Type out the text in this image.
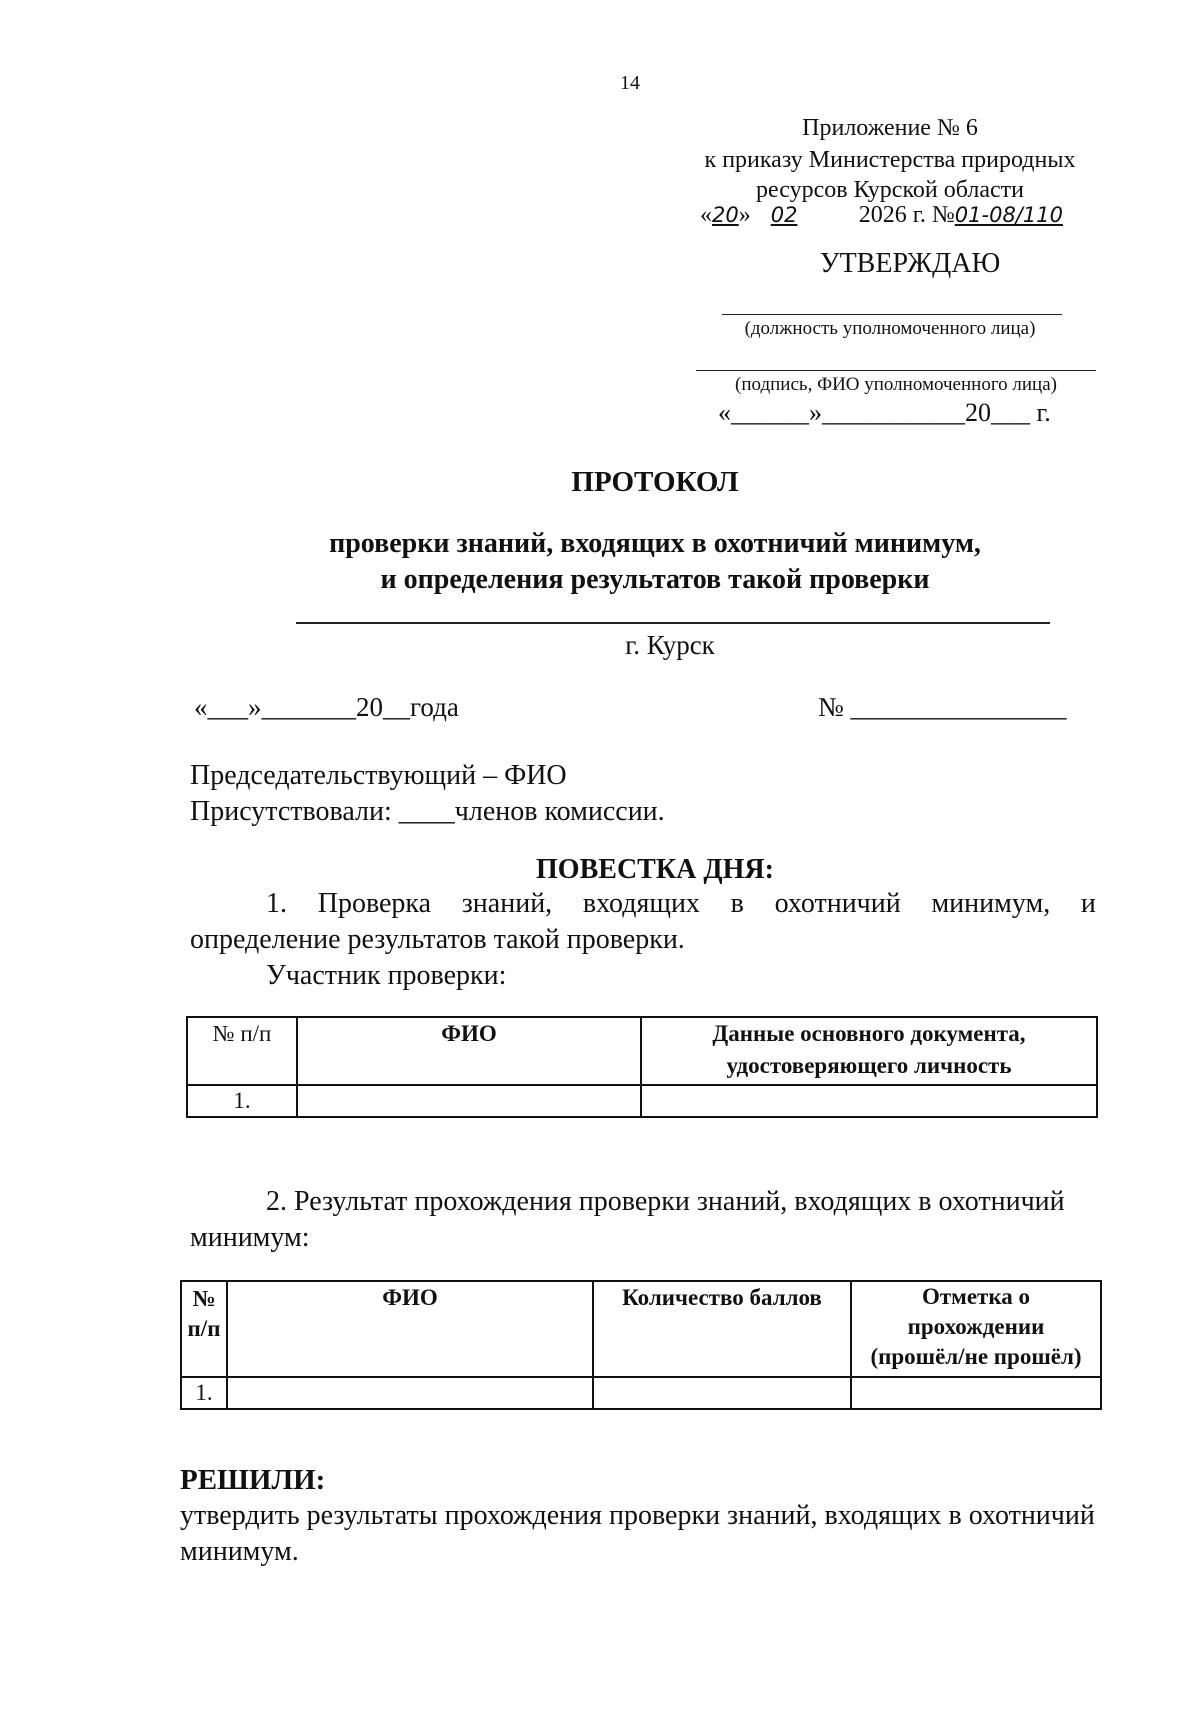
14
Приложение № 6
к приказу Министерства природных
ресурсов Курской области
«20» 02	2026 г. №01-08/110
УТВЕРЖДАЮ
(должность уполномоченного лица)
(подпись, ФИО уполномоченного лица)
«______»___________20___ г.
ПРОТОКОЛ
проверки знаний, входящих в охотничий минимум,
и определения результатов такой проверки
г. Курск
«___»_______20__года	№ ________________
Председательствующий – ФИО
Присутствовали: ____членов комиссии.
ПОВЕСТКА ДНЯ:
1. Проверка знаний, входящих в охотничий минимум, и
определение результатов такой проверки.
Участник проверки:
№ п/п	ФИО	Данные основного документа, удостоверяющего личность
1.		
2. Результат прохождения проверки знаний, входящих в охотничий
минимум:
№ п/п	ФИО	Количество баллов	Отметка о прохождении (прошёл/не прошёл)
1.			
РЕШИЛИ:
утвердить результаты прохождения проверки знаний, входящих в охотничий
минимум.
